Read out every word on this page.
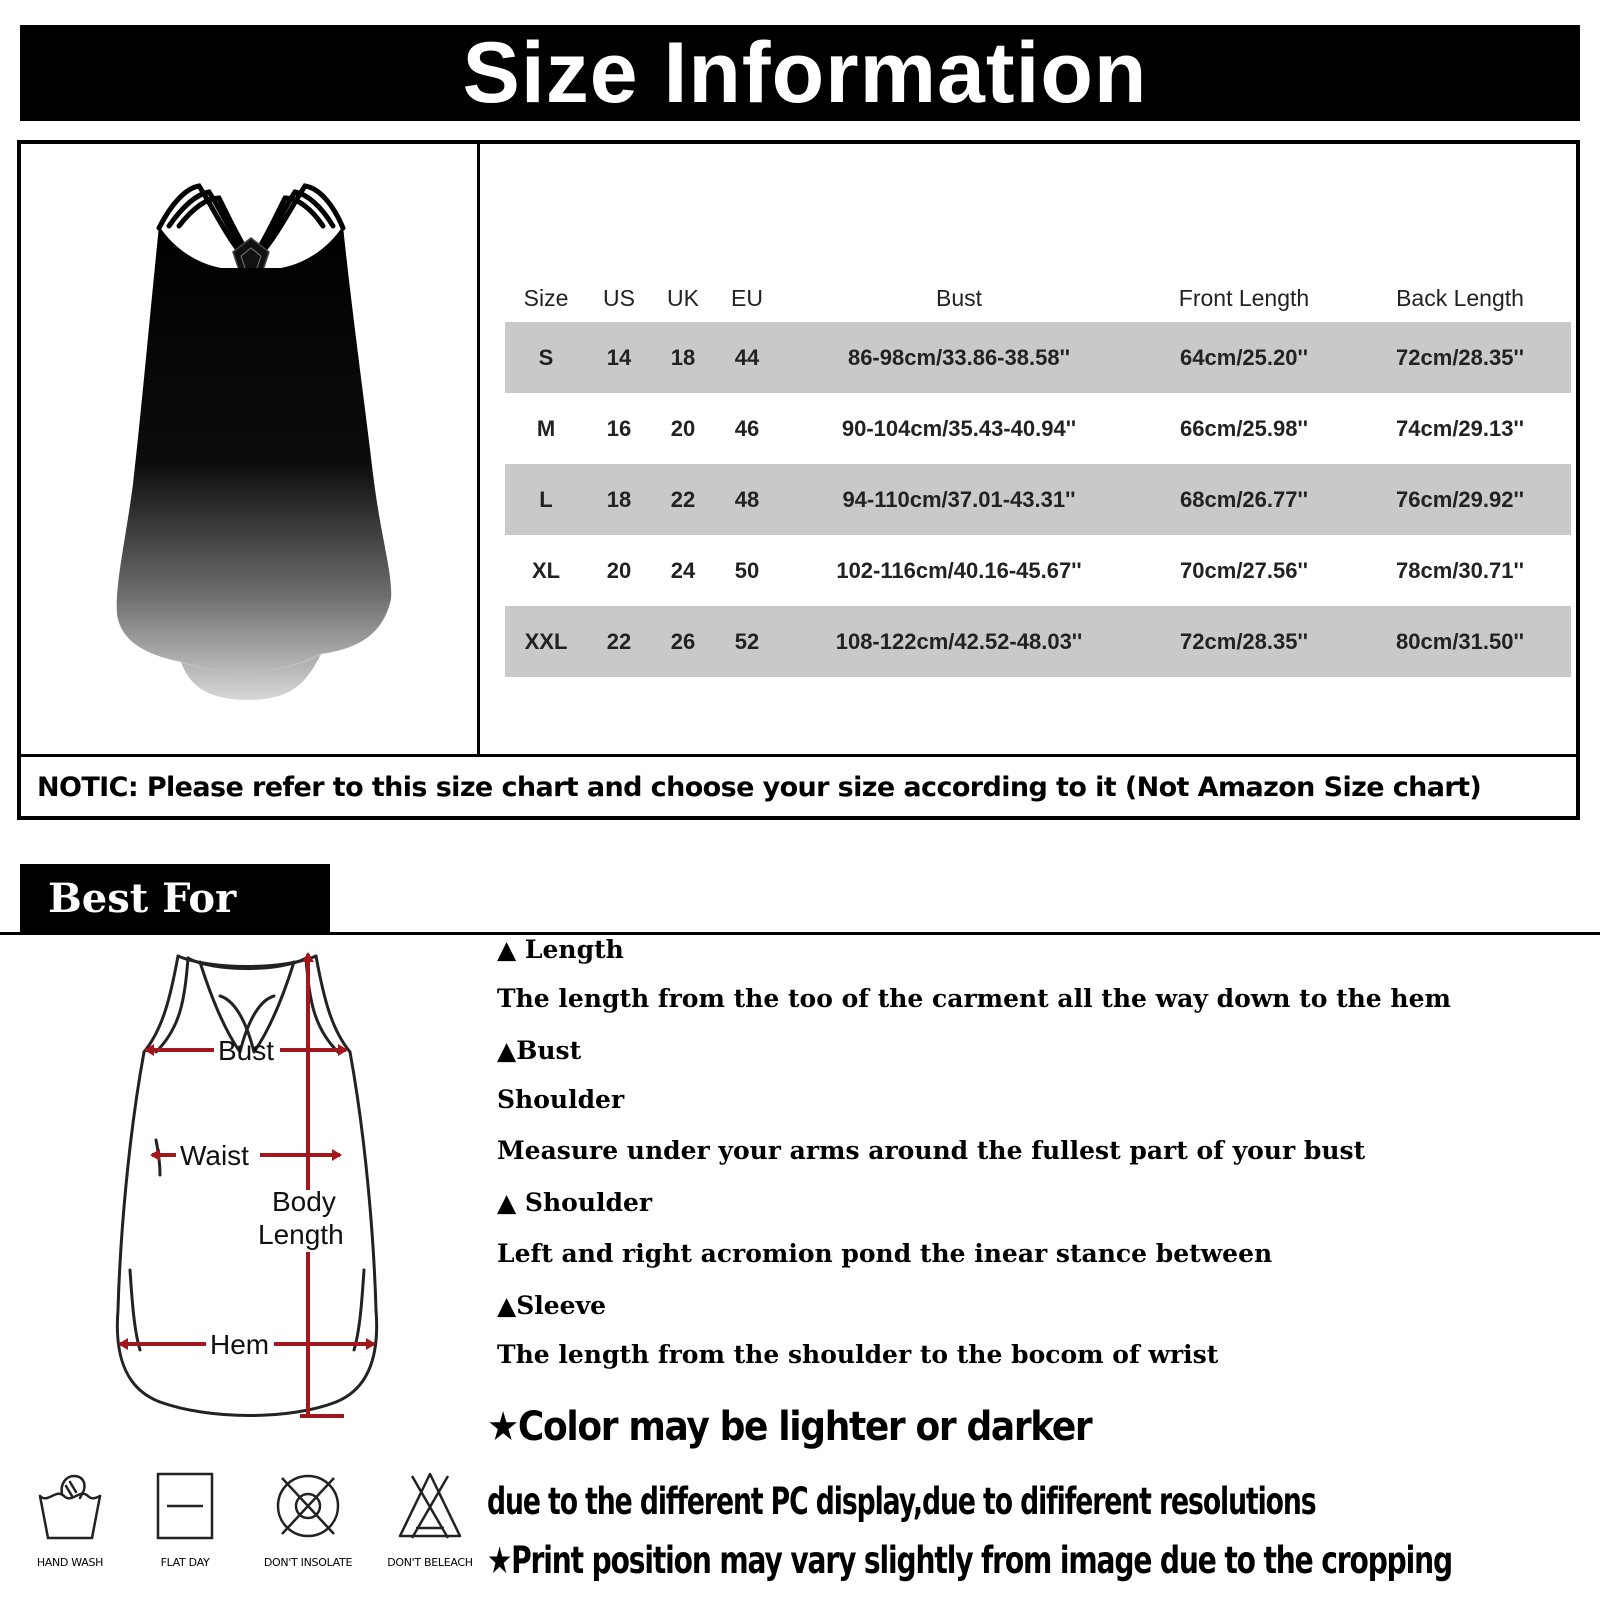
Size Information
Size	US	UK	EU	Bust	Front Length	Back Length
S	14	18	44	86-98cm/33.86-38.58''	64cm/25.20''	72cm/28.35''
M	16	20	46	90-104cm/35.43-40.94''	66cm/25.98''	74cm/29.13''
L	18	22	48	94-110cm/37.01-43.31''	68cm/26.77''	76cm/29.92''
XL	20	24	50	102-116cm/40.16-45.67''	70cm/27.56''	78cm/30.71''
XXL	22	26	52	108-122cm/42.52-48.03''	72cm/28.35''	80cm/31.50''
NOTIC: Please refer to this size chart and choose your size according to it (Not Amazon Size chart)
Best For You
Bust
Waist
Body
Length
Hem
HAND WASH	FLAT DAY	DON'T INSOLATE	DON'T BELEACH
▲ Length
The length from the too of the carment all the way down to the hem
▲Bust
Shoulder
Measure under your arms around the fullest part of your bust
▲ Shoulder
Left and right acromion pond the inear stance between
▲Sleeve
The length from the shoulder to the bocom of wrist
★Color may be lighter or darker
due to the different PC display,due to dififerent resolutions
★Print position may vary slightly from image due to the cropping
